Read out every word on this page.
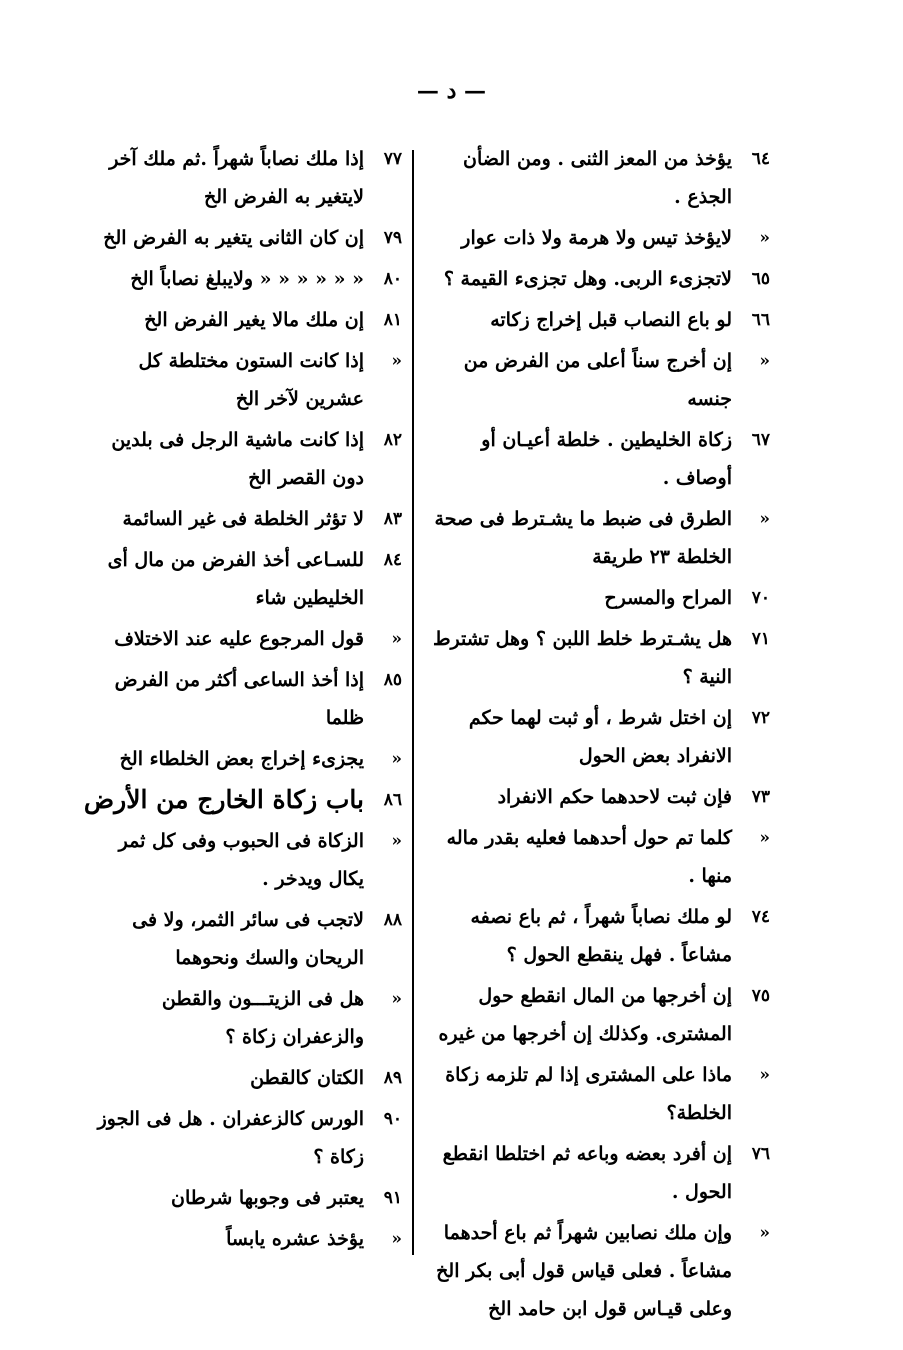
— د —
٦٤
يؤخذ من المعز الثنى . ومن الضأن الجذع .
«
لايؤخذ تيس ولا هرمة ولا ذات عوار
٦٥
لاتجزىء الربى. وهل تجزىء القيمة ؟
٦٦
لو باع النصاب قبل إخراج زكاته
«
إن أخرج سناً أعلى من الفرض من جنسه
٦٧
زكاة الخليطين . خلطة أعيـان أو أوصاف .
«
الطرق فى ضبط ما يشـترط فى صحة الخلطة ٢٣ طريقة
٧٠
المراح والمسرح
٧١
هل يشـترط خلط اللبن ؟ وهل تشترط النية ؟
٧٢
إن اختل شرط ، أو ثبت لهما حكم الانفراد بعض الحول
٧٣
فإن ثبت لاحدهما حكم الانفراد
«
كلما تم حول أحدهما فعليه بقدر ماله منها .
٧٤
لو ملك نصاباً شهراً ، ثم باع نصفه مشاعاً . فهل ينقطع الحول ؟
٧٥
إن أخرجها من المال انقطع حول المشترى. وكذلك إن أخرجها من غيره
«
ماذا على المشترى إذا لم تلزمه زكاة الخلطة؟
٧٦
إن أفرد بعضه وباعه ثم اختلطا انقطع الحول .
«
وإن ملك نصابين شهراً ثم باع أحدهما مشاعاً . فعلى قياس قول أبى بكر الخ وعلى قيـاس قول ابن حامد الخ
٧٧
إذا ملك نصاباً شهراً .ثم ملك آخر لايتغير به الفرض الخ
٧٩
إن كان الثانى يتغير به الفرض الخ
٨٠
« « « « « « ولايبلغ نصاباً الخ
٨١
إن ملك مالا يغير الفرض الخ
«
إذا كانت الستون مختلطة كل عشرين لآخر الخ
٨٢
إذا كانت ماشية الرجل فى بلدين دون القصر الخ
٨٣
لا تؤثر الخلطة فى غير السائمة
٨٤
للسـاعى أخذ الفرض من مال أى الخليطين شاء
«
قول المرجوع عليه عند الاختلاف
٨٥
إذا أخذ الساعى أكثر من الفرض ظلما
«
يجزىء إخراج بعض الخلطاء الخ
٨٦
باب زكاة الخارج من الأرض
«
الزكاة فى الحبوب وفى كل ثمر يكال ويدخر .
٨٨
لاتجب فى سائر الثمر، ولا فى الريحان والسك ونحوهما
«
هل فى الزيتـــون والقطن والزعفران زكاة ؟
٨٩
الكتان كالقطن
٩٠
الورس كالزعفران . هل فى الجوز زكاة ؟
٩١
يعتبر فى وجوبها شرطان
«
يؤخذ عشره يابساً
